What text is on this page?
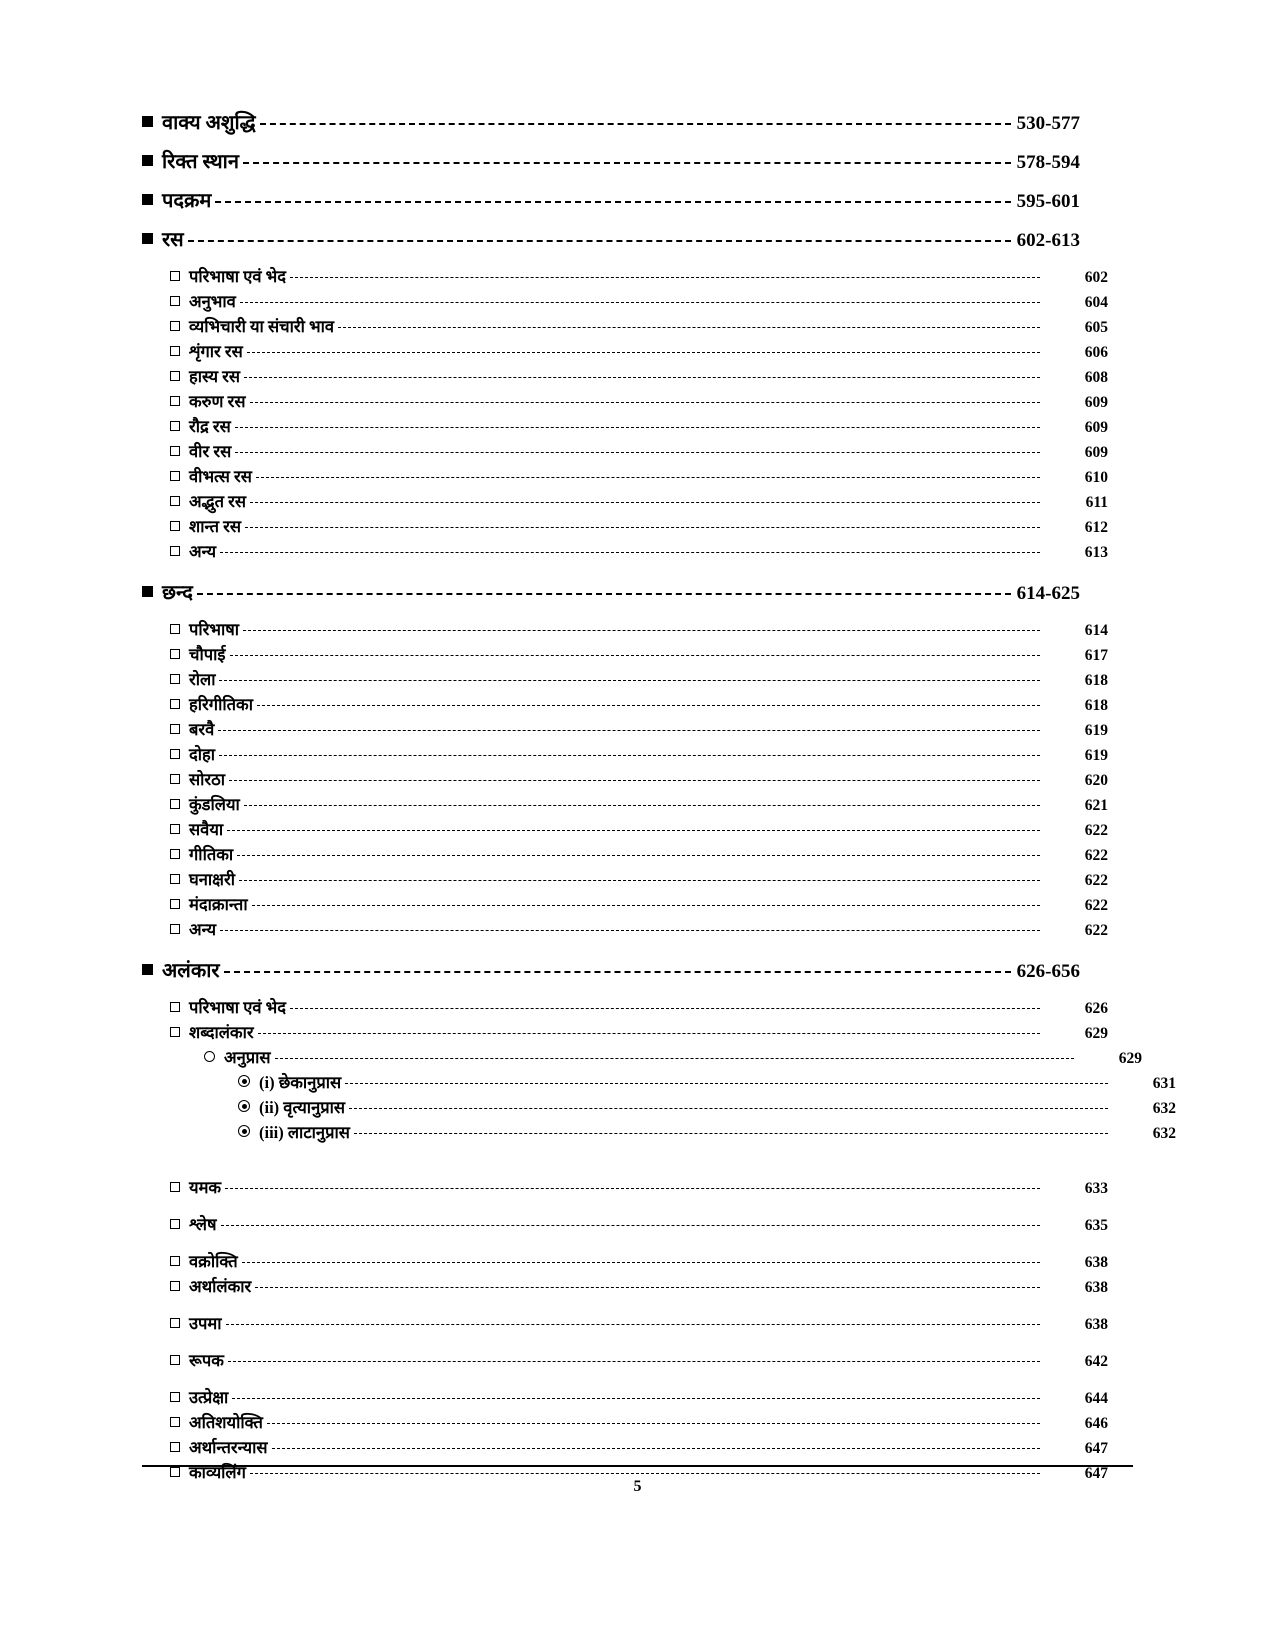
वाक्य अशुद्धि	530-577
रिक्त स्थान	578-594
पदक्रम	595-601
रस	602-613
परिभाषा एवं भेद	602
अनुभाव	604
व्यभिचारी या संचारी भाव	605
शृंगार रस	606
हास्य रस	608
करुण रस	609
रौद्र रस	609
वीर रस	609
वीभत्स रस	610
अद्भुत रस	611
शान्त रस	612
अन्य	613
छन्द	614-625
परिभाषा	614
चौपाई	617
रोला	618
हरिगीतिका	618
बरवै	619
दोहा	619
सोरठा	620
कुंडलिया	621
सवैया	622
गीतिका	622
घनाक्षरी	622
मंदाक्रान्ता	622
अन्य	622
अलंकार	626-656
परिभाषा एवं भेद	626
शब्दालंकार	629
अनुप्रास	629
(i) छेकानुप्रास	631
(ii) वृत्यानुप्रास	632
(iii) लाटानुप्रास	632
यमक	633
श्लेष	635
वक्रोक्ति	638
अर्थालंकार	638
उपमा	638
रूपक	642
उत्प्रेक्षा	644
अतिशयोक्ति	646
अर्थान्तरन्यास	647
काव्यलिंग	647
5
